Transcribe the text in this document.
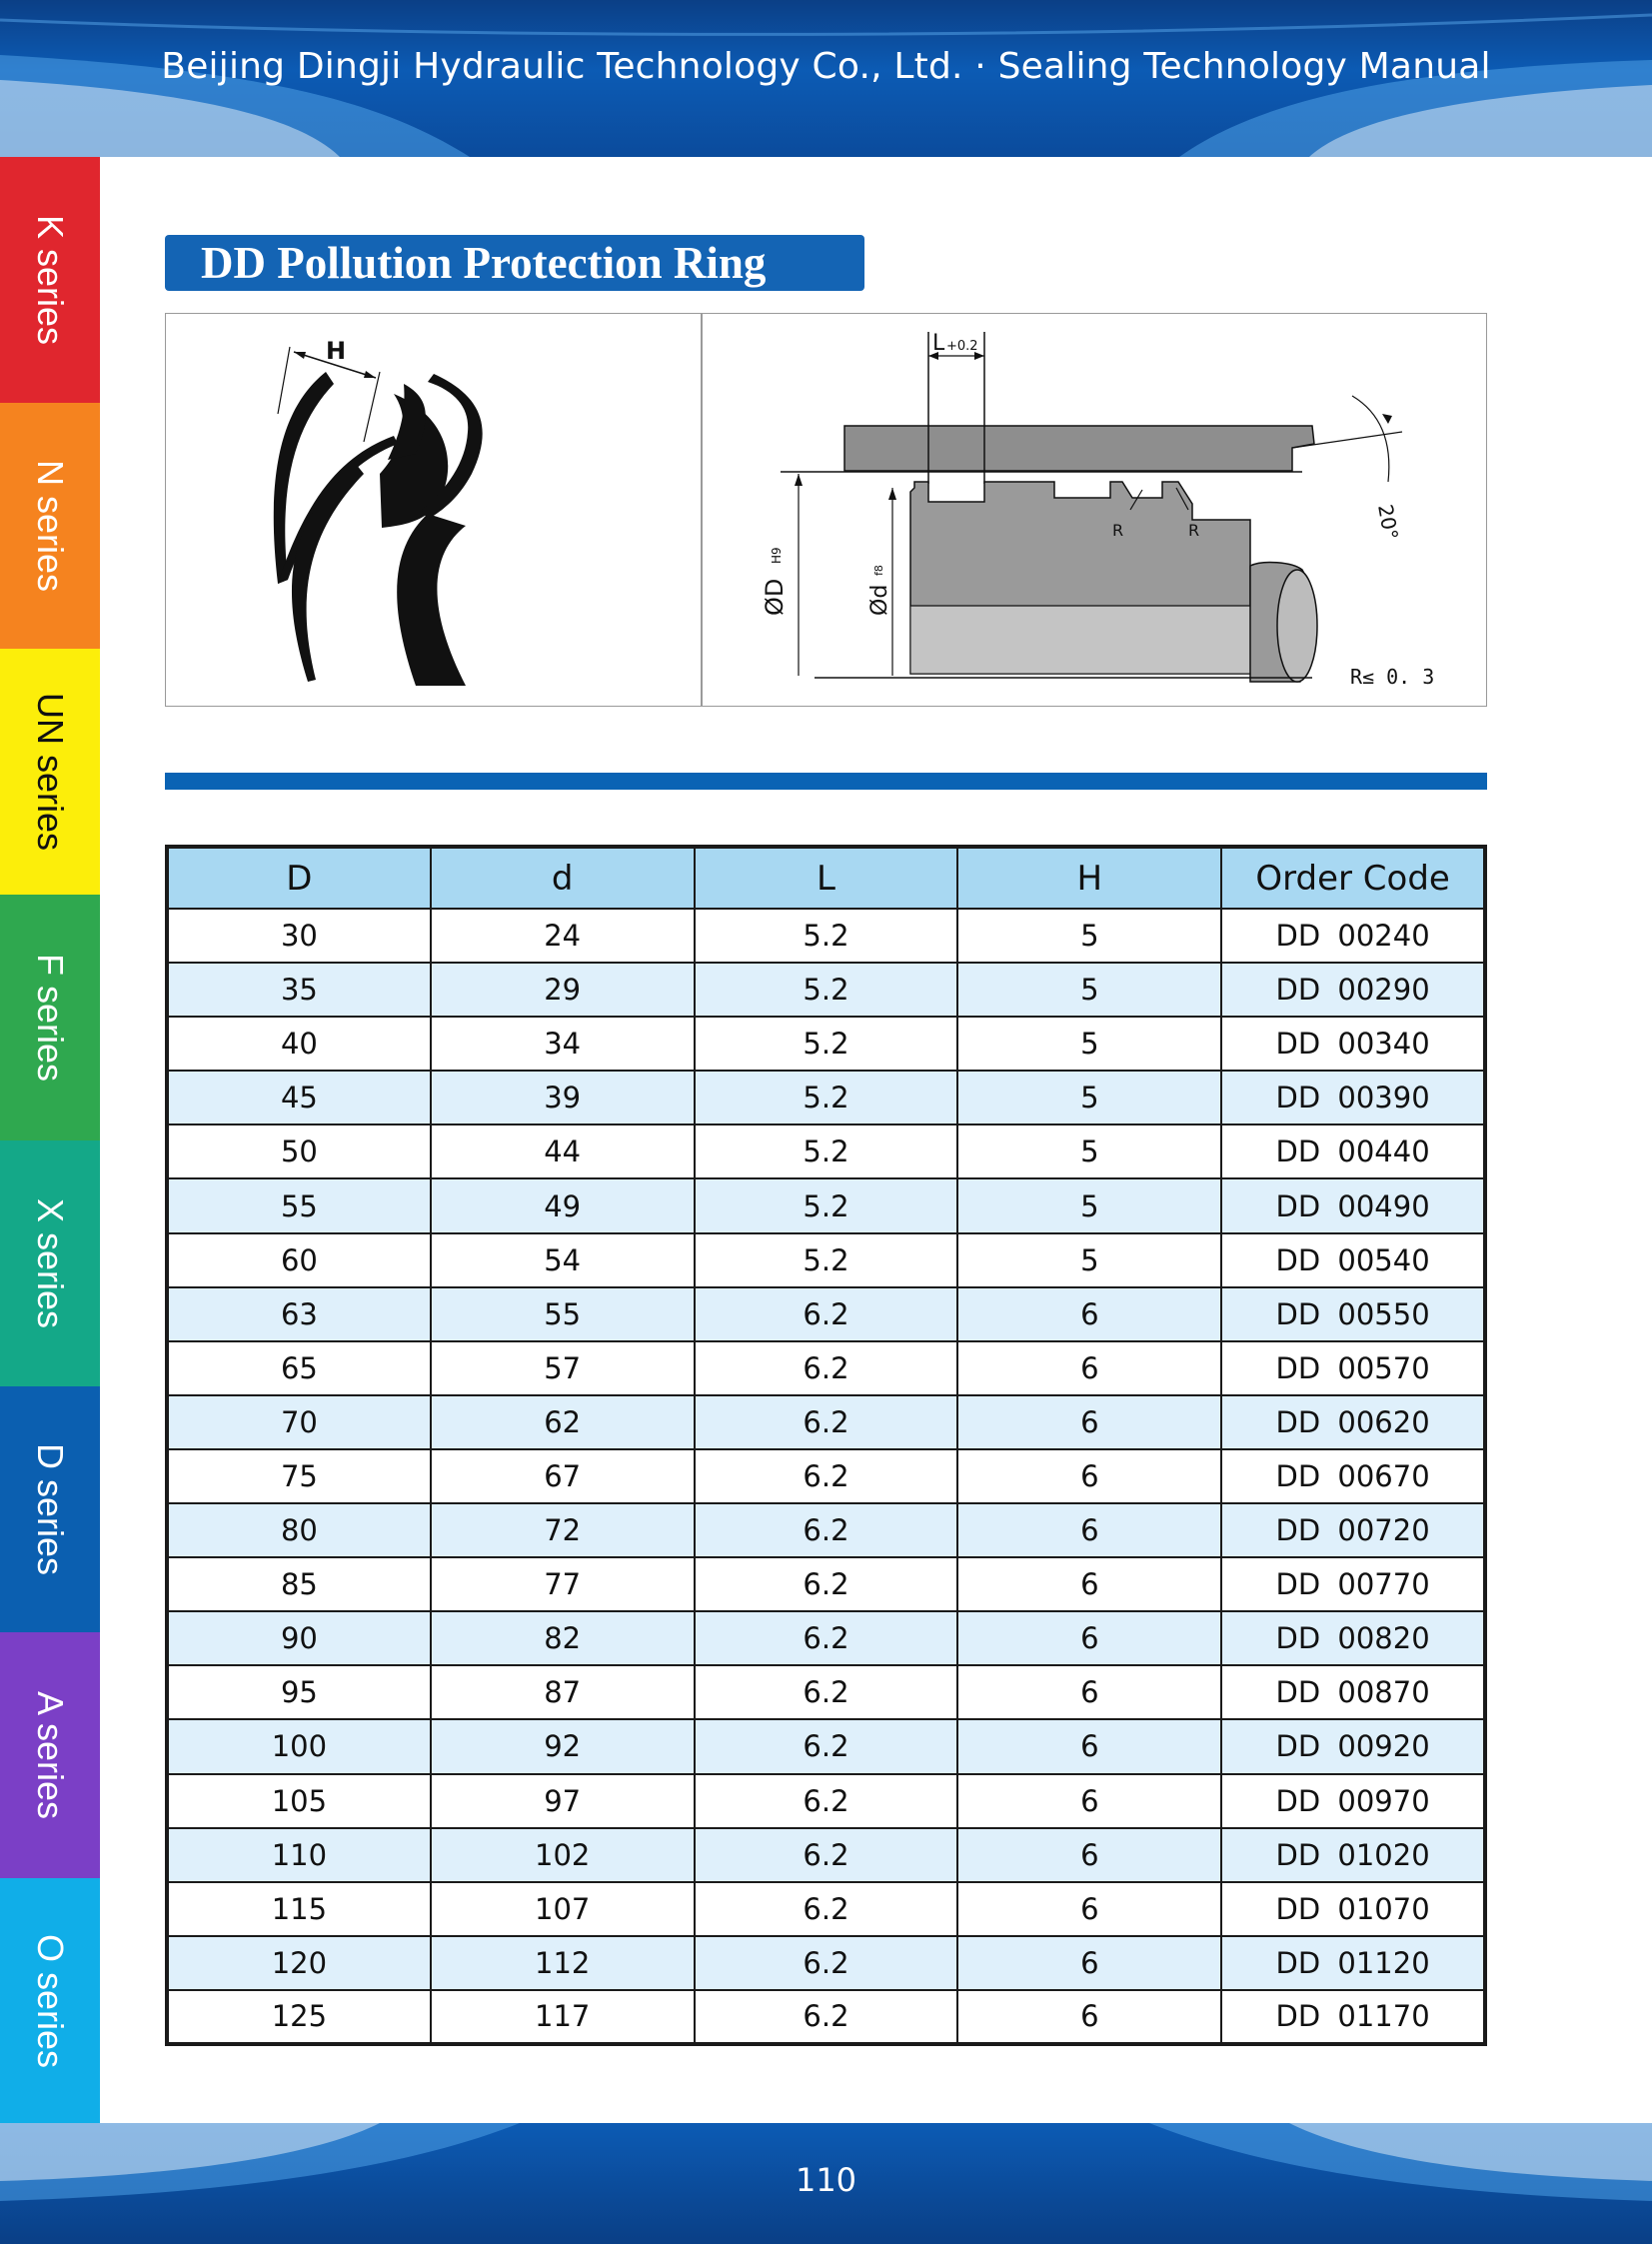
Beijing Dingji Hydraulic Technology Co., Ltd. · Sealing Technology Manual
K series
N series
UN series
F series
X series
D series
A series
O series
DD Pollution Protection Ring
H	L +0.2
R	R
ØD
H9
Ød
f8
20°
R≤ 0. 3
D	d	L	H	Order Code
30	24	5.2	5	DD 00240
35	29	5.2	5	DD 00290
40	34	5.2	5	DD 00340
45	39	5.2	5	DD 00390
50	44	5.2	5	DD 00440
55	49	5.2	5	DD 00490
60	54	5.2	5	DD 00540
63	55	6.2	6	DD 00550
65	57	6.2	6	DD 00570
70	62	6.2	6	DD 00620
75	67	6.2	6	DD 00670
80	72	6.2	6	DD 00720
85	77	6.2	6	DD 00770
90	82	6.2	6	DD 00820
95	87	6.2	6	DD 00870
100	92	6.2	6	DD 00920
105	97	6.2	6	DD 00970
110	102	6.2	6	DD 01020
115	107	6.2	6	DD 01070
120	112	6.2	6	DD 01120
125	117	6.2	6	DD 01170
110
